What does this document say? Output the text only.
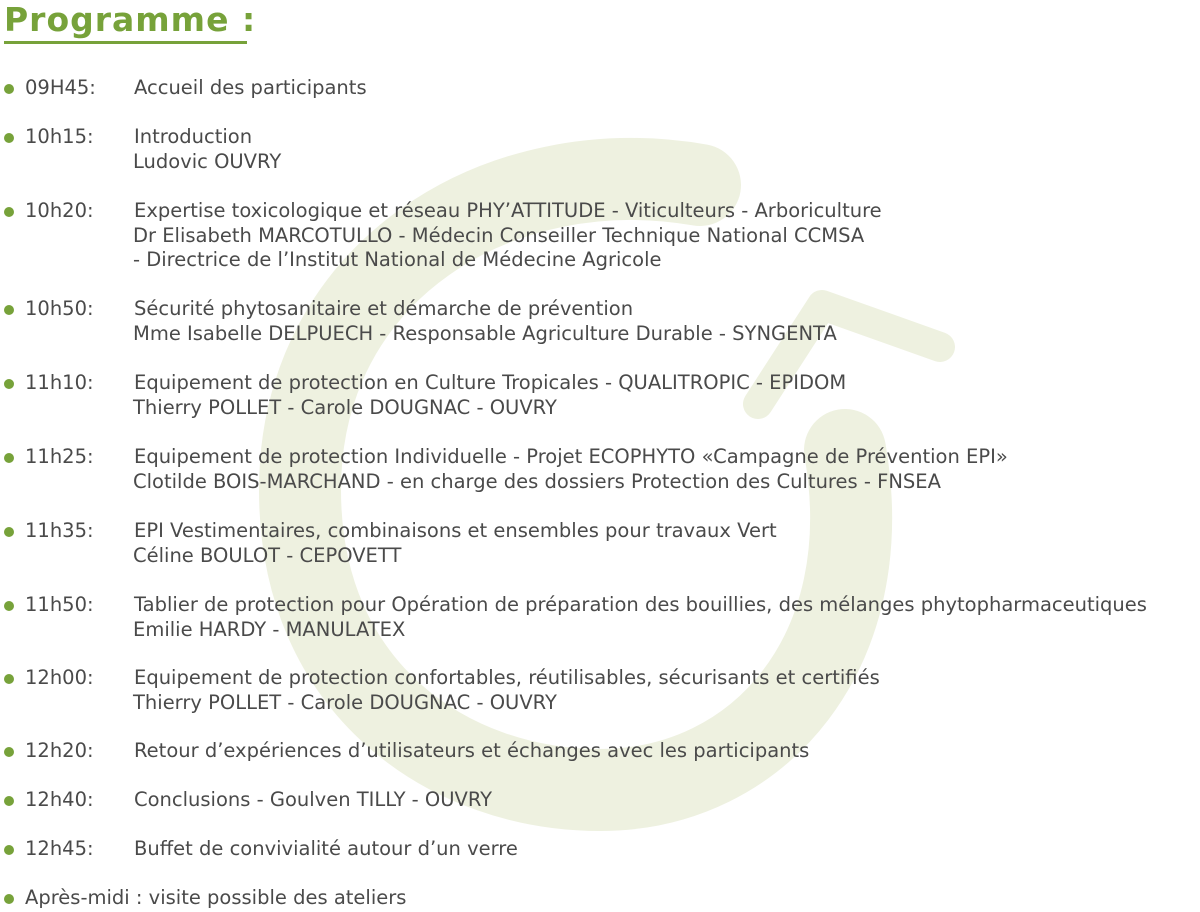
Programme :
09H45: Accueil des participants
10h15: Introduction
Ludovic OUVRY
10h20: Expertise toxicologique et réseau PHY’ATTITUDE - Viticulteurs - Arboriculture
Dr Elisabeth MARCOTULLO - Médecin Conseiller Technique National CCMSA
- Directrice de l’Institut National de Médecine Agricole
10h50: Sécurité phytosanitaire et démarche de prévention
Mme Isabelle DELPUECH - Responsable Agriculture Durable - SYNGENTA
11h10: Equipement de protection en Culture Tropicales - QUALITROPIC - EPIDOM
Thierry POLLET - Carole DOUGNAC - OUVRY
11h25: Equipement de protection Individuelle - Projet ECOPHYTO «Campagne de Prévention EPI»
Clotilde BOIS-MARCHAND - en charge des dossiers Protection des Cultures - FNSEA
11h35: EPI Vestimentaires, combinaisons et ensembles pour travaux Vert
Céline BOULOT - CEPOVETT
11h50: Tablier de protection pour Opération de préparation des bouillies, des mélanges phytopharmaceutiques
Emilie HARDY - MANULATEX
12h00: Equipement de protection confortables, réutilisables, sécurisants et certifiés
Thierry POLLET - Carole DOUGNAC - OUVRY
12h20: Retour d’expériences d’utilisateurs et échanges avec les participants
12h40: Conclusions - Goulven TILLY - OUVRY
12h45: Buffet de convivialité autour d’un verre
Après-midi : visite possible des ateliers
